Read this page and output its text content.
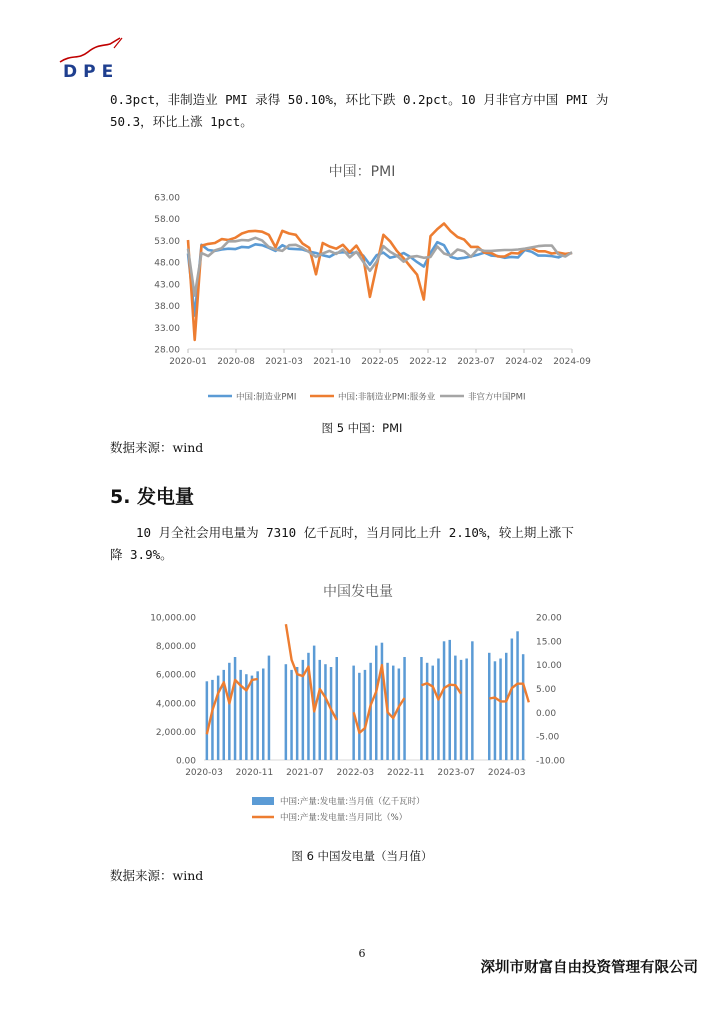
DPE
0.3pct，非制造业 PMI 录得 50.10%，环比下跌 0.2pct。10 月非官方中国 PMI 为
50.3，环比上涨 1pct。
中国：PMI
63.00
58.00
53.00
48.00
43.00
38.00
33.00
28.00
2020-01 2020-08 2021-03 2021-10 2022-05 2022-12 2023-07 2024-02 2024-09
中国:制造业PMI	中国:非制造业PMI:服务业	非官方中国PMI
图 5 中国：PMI
数据来源：wind
5. 发电量
10 月全社会用电量为 7310 亿千瓦时，当月同比上升 2.10%，较上期上涨下
降 3.9%。
中国发电量
10,000.00
8,000.00
6,000.00
4,000.00
2,000.00
0.00
20.00
15.00
10.00
5.00
0.00
-5.00
-10.00
2020-03 2020-11 2021-07 2022-03 2022-11 2023-07 2024-03
中国:产量:发电量:当月值（亿千瓦时）
中国:产量:发电量:当月同比（%）
图 6 中国发电量（当月值）
数据来源：wind
6
深圳市财富自由投资管理有限公司
